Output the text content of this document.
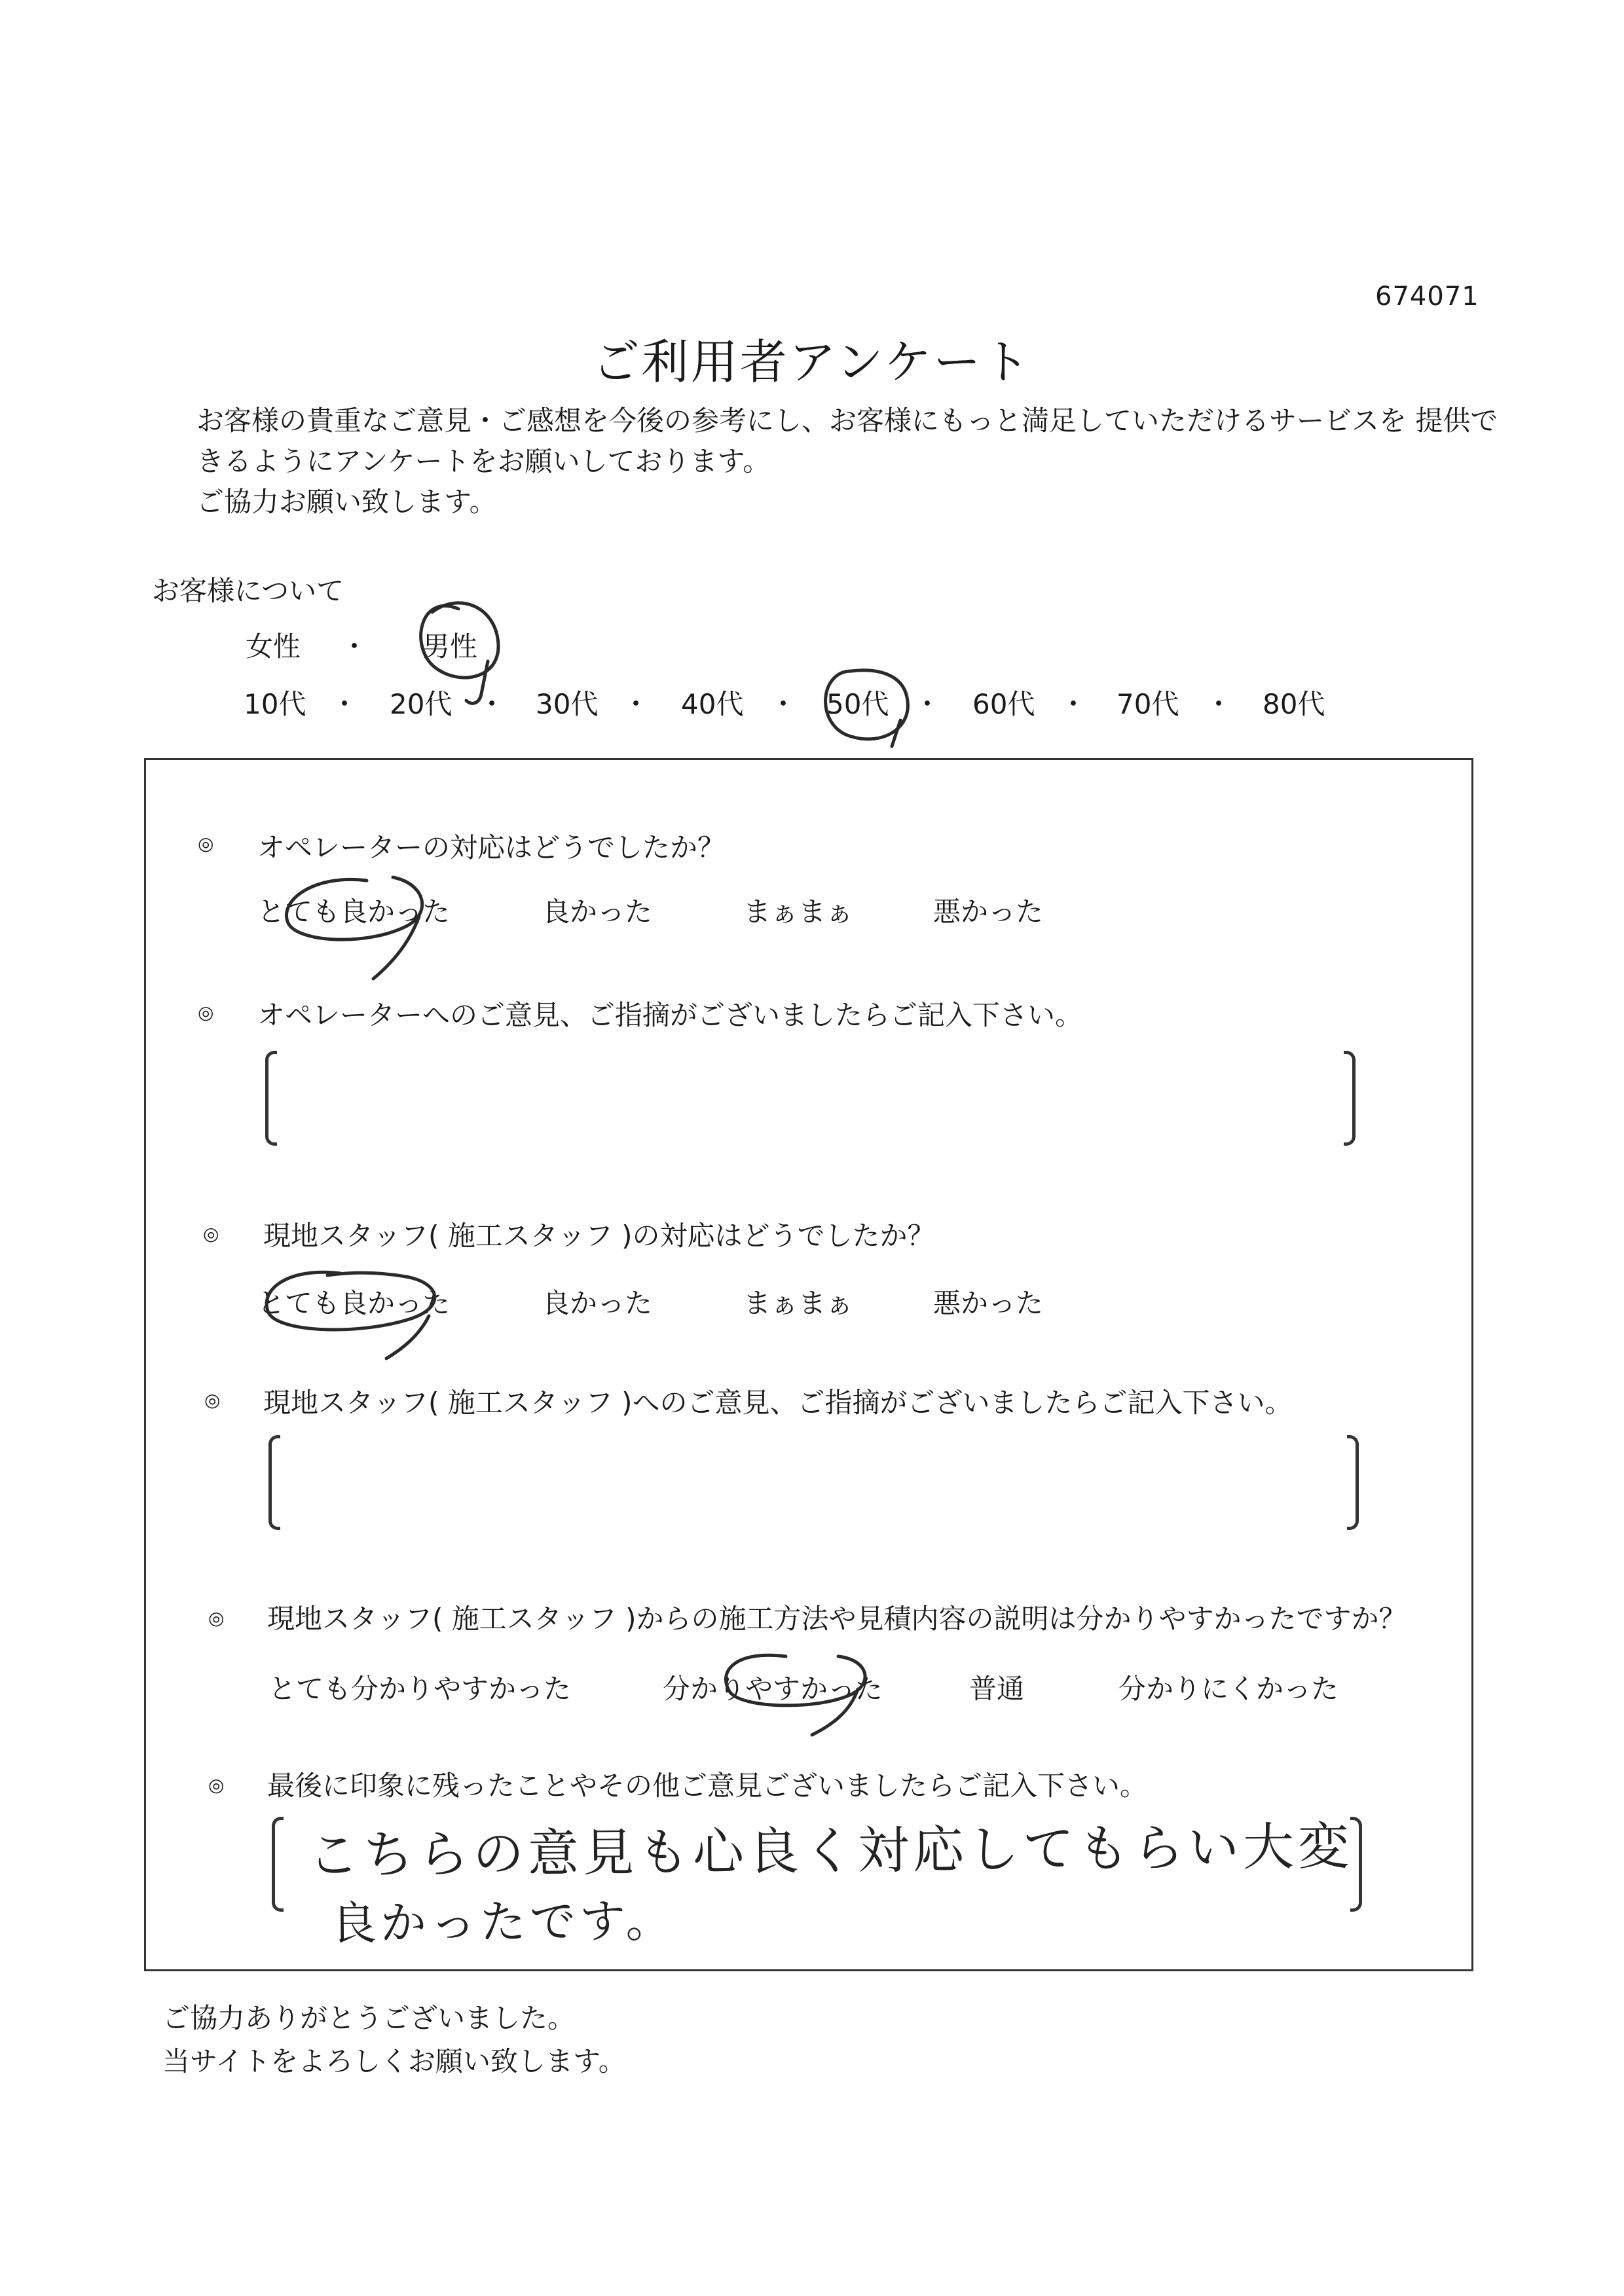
674071
ご利用者アンケート
お客様の貴重なご意見・ご感想を今後の参考にし、お客様にもっと満足していただけるサービスを 提供で
きるようにアンケートをお願いしております。
ご協力お願い致します。
お客様について
女性 ・ 男性
10代 ・ 20代 ・ 30代 ・ 40代 ・ 50代 ・ 60代 ・ 70代 ・ 80代
◎ オペレーターの対応はどうでしたか？
とても良かった	良かった	まぁまぁ	悪かった
◎ オペレーターへのご意見、ご指摘がございましたらご記入下さい。
◎ 現地スタッフ( 施工スタッフ )の対応はどうでしたか？
とても良かった	良かった	まぁまぁ	悪かった
◎ 現地スタッフ( 施工スタッフ )へのご意見、ご指摘がございましたらご記入下さい。
◎ 現地スタッフ( 施工スタッフ )からの施工方法や見積内容の説明は分かりやすかったですか？
とても分かりやすかった	分かりやすかった	普通	分かりにくかった
◎ 最後に印象に残ったことやその他ご意見ございましたらご記入下さい。
こちらの意見も心良く対応してもらい大変
良かったです。
ご協力ありがとうございました。
当サイトをよろしくお願い致します。
